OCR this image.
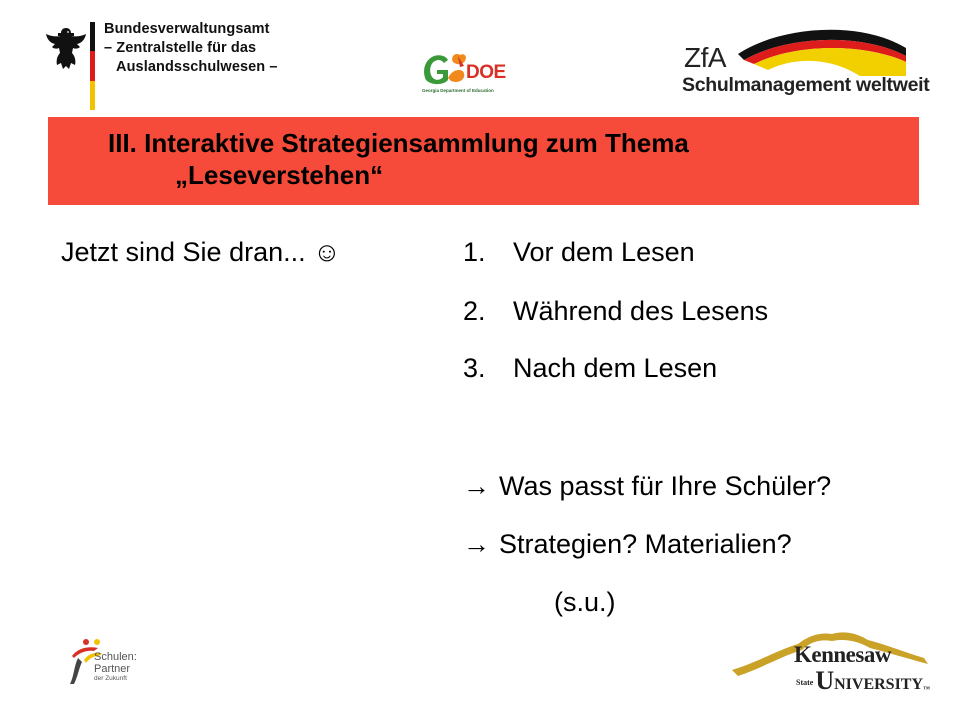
Bundesverwaltungsamt
– Zentralstelle für das
Auslandsschulwesen –	DOE
Georgia Department of Education
ZfA
Schulmanagement weltweit
III. Interaktive Strategiensammlung zum Thema
„Leseverstehen“
Jetzt sind Sie dran... ☺	1.	Vor dem Lesen
2.	Während des Lesens
3.	Nach dem Lesen
→ Was passt für Ihre Schüler?
→ Strategien? Materialien?
(s.u.)
Schulen:
Partner
der Zukunft
Kennesaw
$^{State}$UNIVERSITY™
